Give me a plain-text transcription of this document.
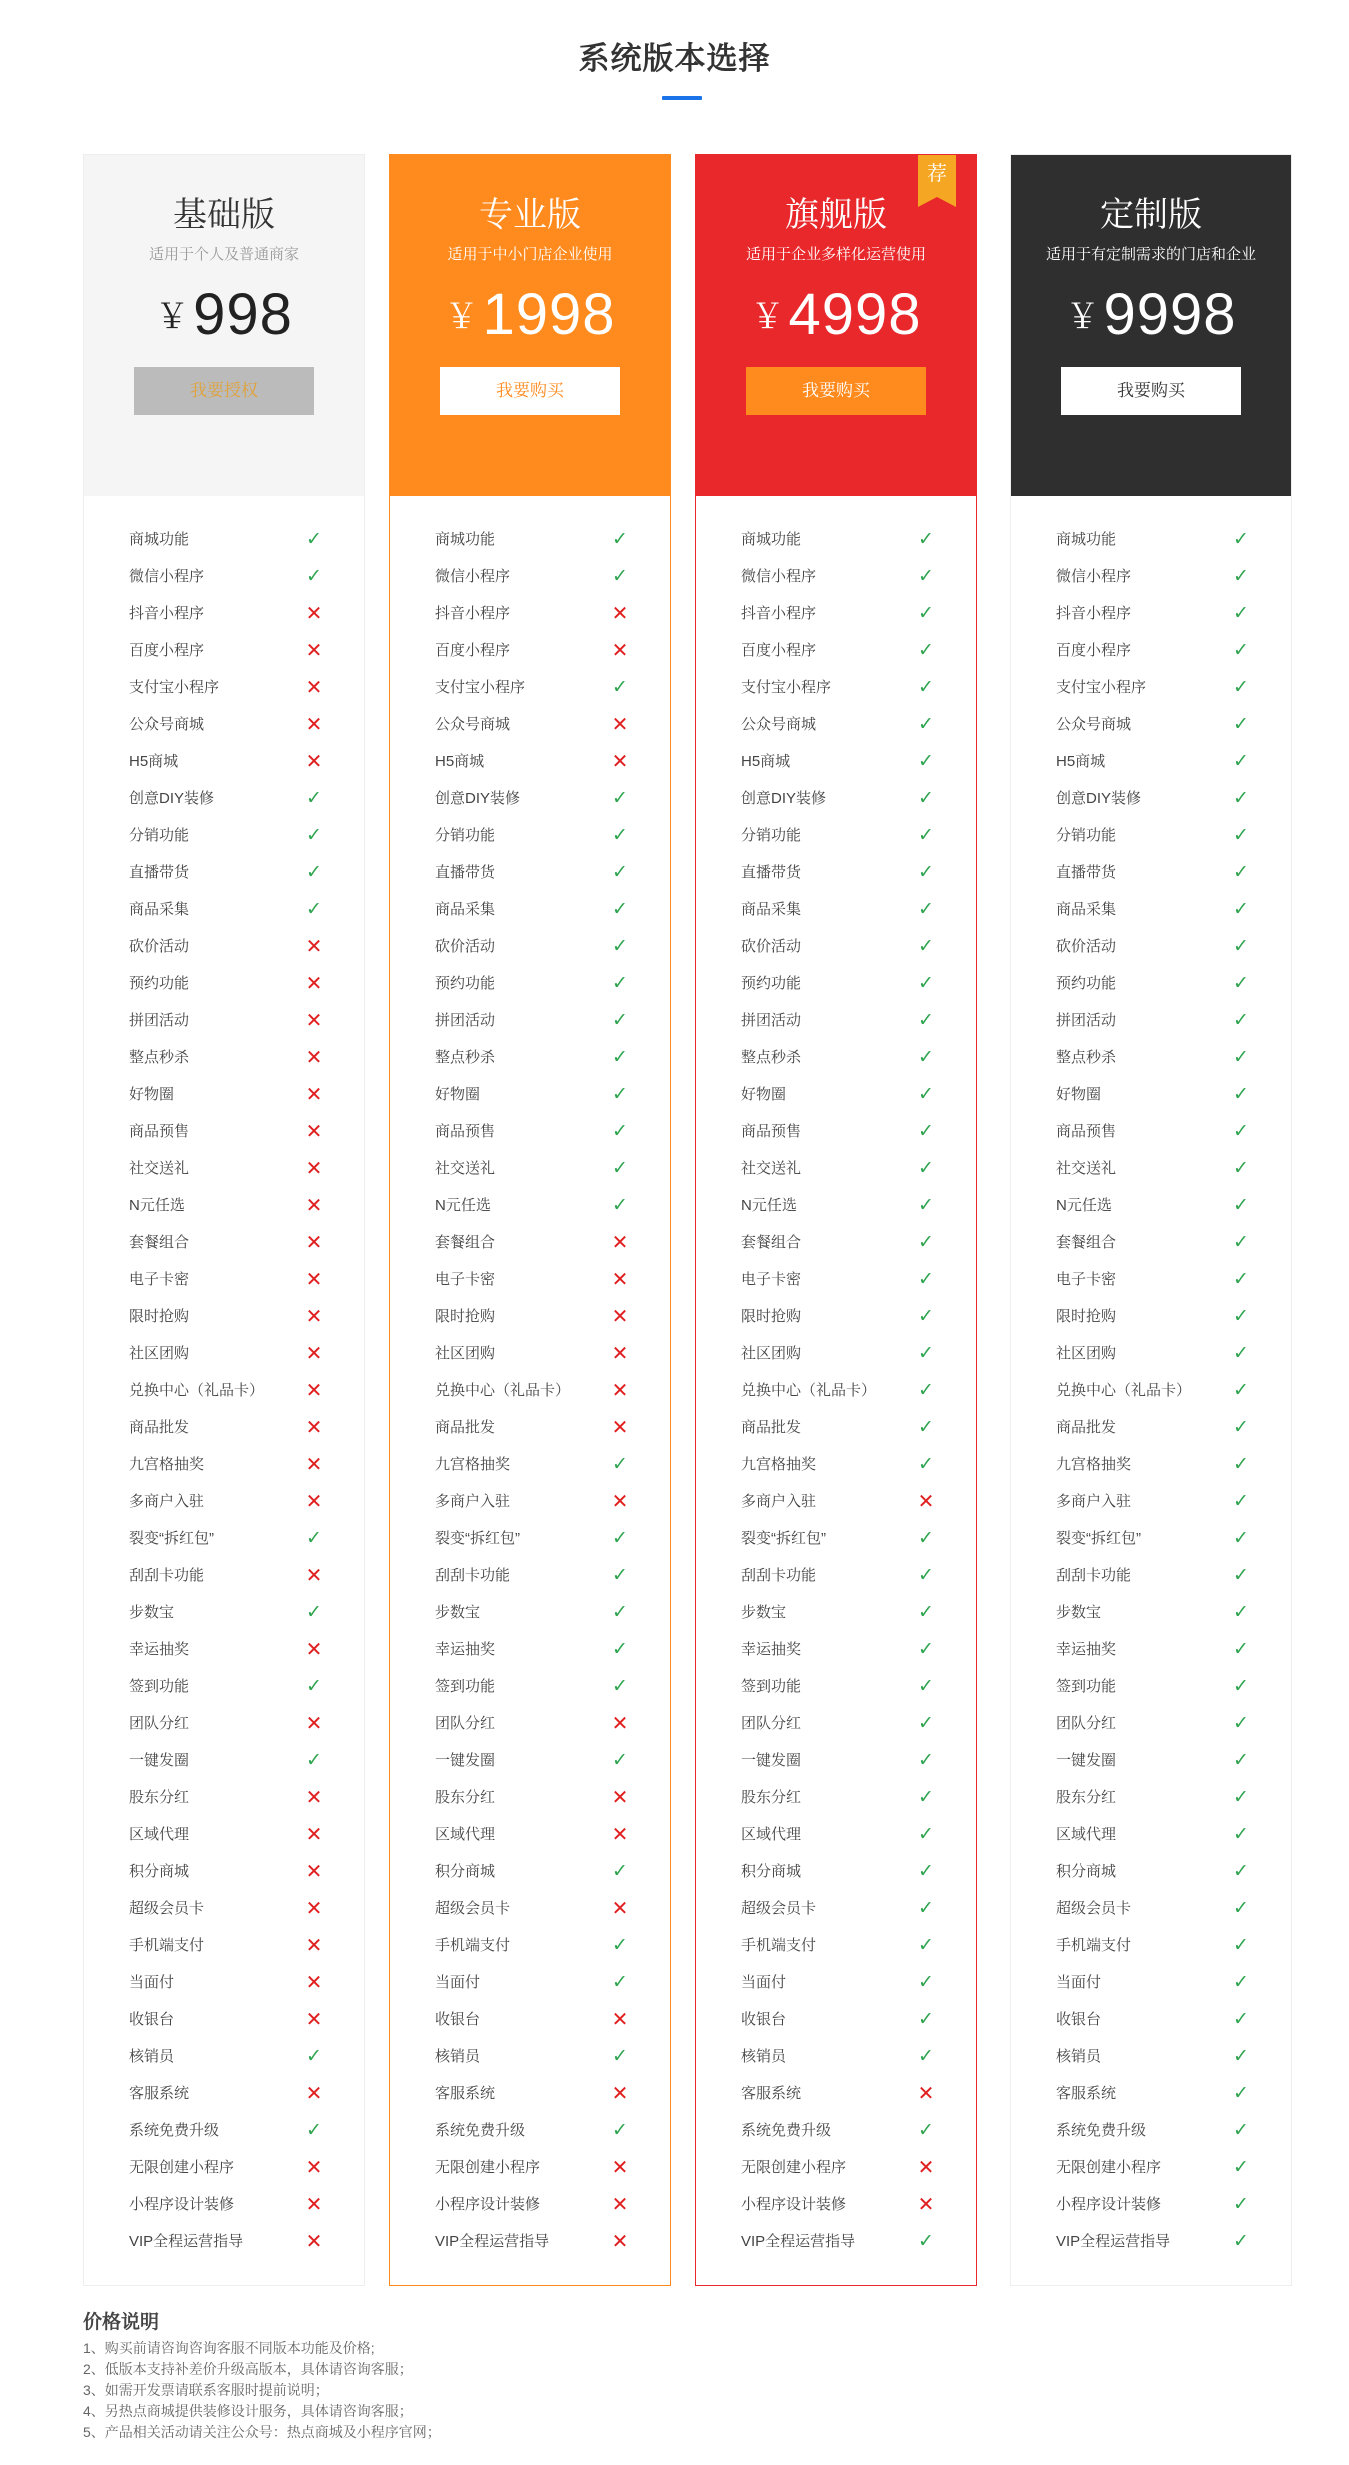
系统版本选择
基础版
适用于个人及普通商家
￥998
我要授权
商城功能	✓
微信小程序	✓
抖音小程序	✕
百度小程序	✕
支付宝小程序	✕
公众号商城	✕
H5商城	✕
创意DIY装修	✓
分销功能	✓
直播带货	✓
商品采集	✓
砍价活动	✕
预约功能	✕
拼团活动	✕
整点秒杀	✕
好物圈	✕
商品预售	✕
社交送礼	✕
N元任选	✕
套餐组合	✕
电子卡密	✕
限时抢购	✕
社区团购	✕
兑换中心（礼品卡） ✕
商品批发	✕
九宫格抽奖	✕
多商户入驻	✕
裂变“拆红包”	✓
刮刮卡功能	✕
步数宝	✓
幸运抽奖	✕
签到功能	✓
团队分红	✕
一键发圈	✓
股东分红	✕
区域代理	✕
积分商城	✕
超级会员卡	✕
手机端支付	✕
当面付	✕
收银台	✕
核销员	✓
客服系统	✕
系统免费升级	✓
无限创建小程序	✕
小程序设计装修	✕
VIP全程运营指导	✕
专业版
适用于中小门店企业使用
￥1998
我要购买
商城功能	✓
微信小程序	✓
抖音小程序	✕
百度小程序	✕
支付宝小程序	✓
公众号商城	✕
H5商城	✕
创意DIY装修	✓
分销功能	✓
直播带货	✓
商品采集	✓
砍价活动	✓
预约功能	✓
拼团活动	✓
整点秒杀	✓
好物圈	✓
商品预售	✓
社交送礼	✓
N元任选	✓
套餐组合	✕
电子卡密	✕
限时抢购	✕
社区团购	✕
兑换中心（礼品卡） ✕
商品批发	✕
九宫格抽奖	✓
多商户入驻	✕
裂变“拆红包”	✓
刮刮卡功能	✓
步数宝	✓
幸运抽奖	✓
签到功能	✓
团队分红	✕
一键发圈	✓
股东分红	✕
区域代理	✕
积分商城	✓
超级会员卡	✕
手机端支付	✓
当面付	✓
收银台	✕
核销员	✓
客服系统	✕
系统免费升级	✓
无限创建小程序	✕
小程序设计装修	✕
VIP全程运营指导	✕
荐
旗舰版
适用于企业多样化运营使用
￥4998
我要购买
商城功能	✓
微信小程序	✓
抖音小程序	✓
百度小程序	✓
支付宝小程序	✓
公众号商城	✓
H5商城	✓
创意DIY装修	✓
分销功能	✓
直播带货	✓
商品采集	✓
砍价活动	✓
预约功能	✓
拼团活动	✓
整点秒杀	✓
好物圈	✓
商品预售	✓
社交送礼	✓
N元任选	✓
套餐组合	✓
电子卡密	✓
限时抢购	✓
社区团购	✓
兑换中心（礼品卡） ✓
商品批发	✓
九宫格抽奖	✓
多商户入驻	✕
裂变“拆红包”	✓
刮刮卡功能	✓
步数宝	✓
幸运抽奖	✓
签到功能	✓
团队分红	✓
一键发圈	✓
股东分红	✓
区域代理	✓
积分商城	✓
超级会员卡	✓
手机端支付	✓
当面付	✓
收银台	✓
核销员	✓
客服系统	✕
系统免费升级	✓
无限创建小程序	✕
小程序设计装修	✕
VIP全程运营指导	✓
定制版
适用于有定制需求的门店和企业
￥9998
我要购买
商城功能	✓
微信小程序	✓
抖音小程序	✓
百度小程序	✓
支付宝小程序	✓
公众号商城	✓
H5商城	✓
创意DIY装修	✓
分销功能	✓
直播带货	✓
商品采集	✓
砍价活动	✓
预约功能	✓
拼团活动	✓
整点秒杀	✓
好物圈	✓
商品预售	✓
社交送礼	✓
N元任选	✓
套餐组合	✓
电子卡密	✓
限时抢购	✓
社区团购	✓
兑换中心（礼品卡） ✓
商品批发	✓
九宫格抽奖	✓
多商户入驻	✓
裂变“拆红包”	✓
刮刮卡功能	✓
步数宝	✓
幸运抽奖	✓
签到功能	✓
团队分红	✓
一键发圈	✓
股东分红	✓
区域代理	✓
积分商城	✓
超级会员卡	✓
手机端支付	✓
当面付	✓
收银台	✓
核销员	✓
客服系统	✓
系统免费升级	✓
无限创建小程序	✓
小程序设计装修	✓
VIP全程运营指导	✓
价格说明
1、购买前请咨询咨询客服不同版本功能及价格;
2、低版本支持补差价升级高版本，具体请咨询客服；
3、如需开发票请联系客服时提前说明；
4、另热点商城提供装修设计服务，具体请咨询客服；
5、产品相关活动请关注公众号：热点商城及小程序官网；
